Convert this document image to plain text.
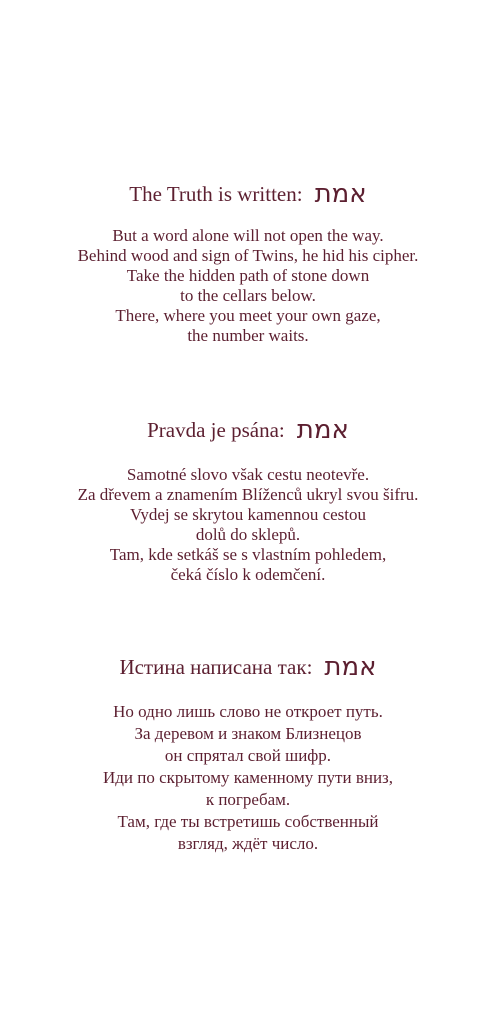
The Truth is written: אמת
But a word alone will not open the way.
Behind wood and sign of Twins, he hid his cipher.
Take the hidden path of stone down
to the cellars below.
There, where you meet your own gaze,
the number waits.
Pravda je psána: אמת
Samotné slovo však cestu neotevře.
Za dřevem a znamením Blíženců ukryl svou šifru.
Vydej se skrytou kamennou cestou
dolů do sklepů.
Tam, kde setkáš se s vlastním pohledem,
čeká číslo k odemčení.
Истина написана так: אמת
Но одно лишь слово не откроет путь.
За деревом и знаком Близнецов
он спрятал свой шифр.
Иди по скрытому каменному пути вниз,
к погребам.
Там, где ты встретишь собственный
взгляд, ждёт число.
